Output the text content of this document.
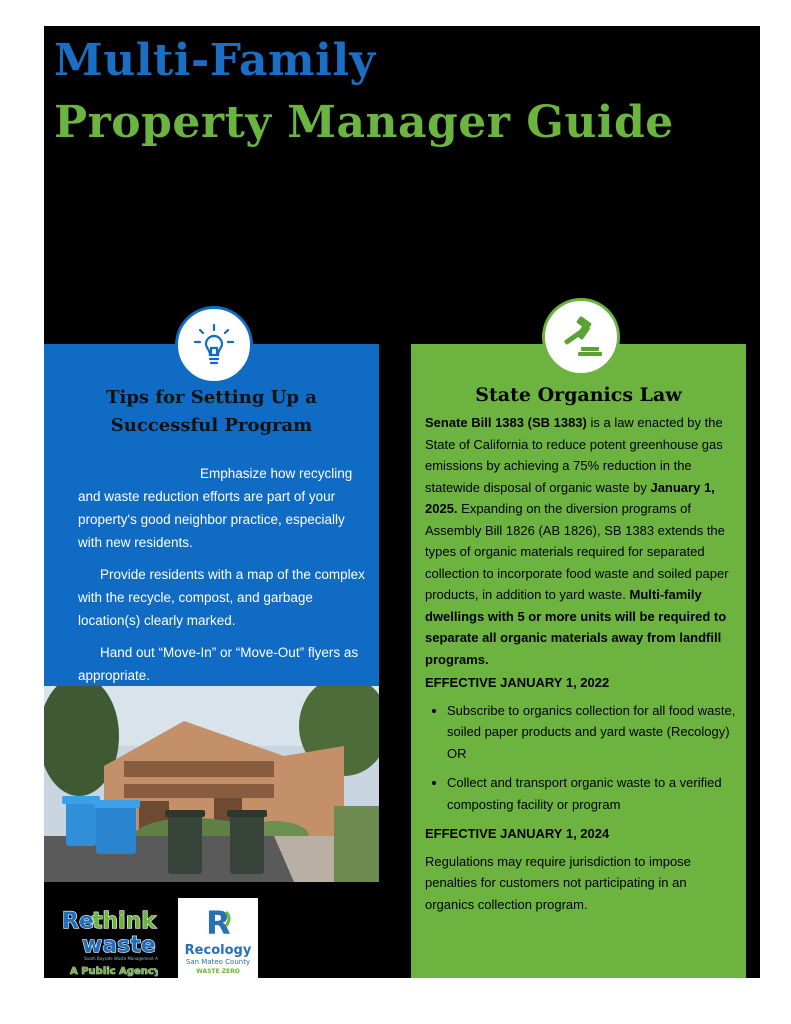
Multi-Family
Property Manager Guide
Tips for Setting Up a
Successful Program

Emphasize how recycling and waste reduction efforts are part of your property's good neighbor practice, especially with new residents.

Provide residents with a map of the complex with the recycle, compost, and garbage location(s) clearly marked.

Hand out “Move-In” or “Move-Out” flyers as appropriate.

State Organics Law

Senate Bill 1383 (SB 1383) is a law enacted by the State of California to reduce potent greenhouse gas emissions by achieving a 75% reduction in the statewide disposal of organic waste by January 1, 2025. Expanding on the diversion programs of Assembly Bill 1826 (AB 1826), SB 1383 extends the types of organic materials required for separated collection to incorporate food waste and soiled paper products, in addition to yard waste. Multi-family dwellings with 5 or more units will be required to separate all organic materials away from landfill programs.

EFFECTIVE JANUARY 1, 2022

• Subscribe to organics collection for all food waste, soiled paper products and yard waste (Recology) OR
• Collect and transport organic waste to a verified composting facility or program

EFFECTIVE JANUARY 1, 2024

Regulations may require jurisdiction to impose penalties for customers not participating in an organics collection program.

Re
think
waste
South Bayside Waste Management A
A Public Agency
R
Recology
San Mateo County
WASTE ZERO
